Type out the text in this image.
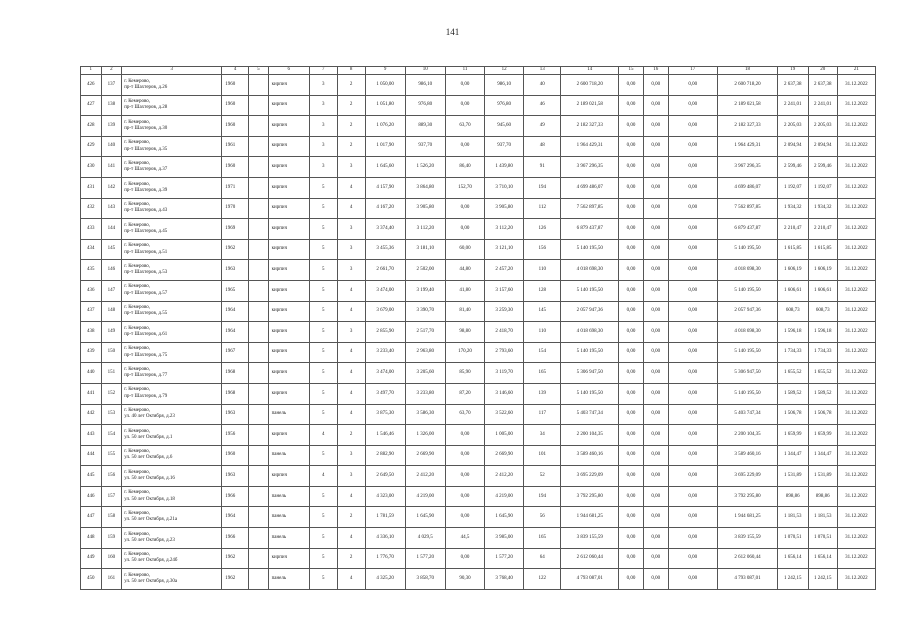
141
1	2	3	4	5	6	7	8	9	10	11	12	13	14	15	16	17	18	19	20	21
426	137	г. Кемерово,
пр-т Шахтеров, д.26	1960		кирпич	3	2	1 050,00	986,10	0,00	986,10	40	2 600 718,20	0,00	0,00	0,00	2 600 718,20	2 637,38	2 637,38	31.12.2022
427	138	г. Кемерово,
пр-т Шахтеров, д.28	1960		кирпич	3	2	1 051,80	976,80	0,00	976,80	46	2 189 021,58	0,00	0,00	0,00	2 189 021,58	2 241,01	2 241,01	31.12.2022
428	139	г. Кемерово,
пр-т Шахтеров, д.30	1960		кирпич	3	2	1 076,20	889,30	63,70	945,60	49	2 182 327,33	0,00	0,00	0,00	2 182 327,33	2 205,03	2 205,03	31.12.2022
429	140	г. Кемерово,
пр-т Шахтеров, д.35	1961		кирпич	3	2	1 017,90	937,70	0,00	937,70	48	1 964 429,31	0,00	0,00	0,00	1 964 429,31	2 094,94	2 094,94	31.12.2022
430	141	г. Кемерово,
пр-т Шахтеров, д.37	1960		кирпич	3	3	1 645,60	1 526,20	86,40	1 439,80	91	3 967 296,35	0,00	0,00	0,00	3 967 296,35	2 599,46	2 599,46	31.12.2022
431	142	г. Кемерово,
пр-т Шахтеров, д.39	1971		кирпич	5	4	4 157,90	3 864,80	152,70	3 710,10	194	4 699 486,07	0,00	0,00	0,00	4 699 486,07	1 192,07	1 192,07	31.12.2022
432	143	г. Кемерово,
пр-т Шахтеров, д.43	1970		кирпич	5	4	4 167,20	3 905,80	0,00	3 905,80	112	7 562 897,85	0,00	0,00	0,00	7 562 897,85	1 934,32	1 934,32	31.12.2022
433	144	г. Кемерово,
пр-т Шахтеров, д.45	1969		кирпич	5	3	3 374,40	3 112,20	0,00	3 112,20	126	6 879 437,87	0,00	0,00	0,00	6 879 437,87	2 210,47	2 210,47	31.12.2022
434	145	г. Кемерово,
пр-т Шахтеров, д.51	1962		кирпич	5	3	3 455,36	3 181,10	60,00	3 121,10	156	5 140 195,50	0,00	0,00	0,00	5 140 195,50	1 615,85	1 615,85	31.12.2022
435	146	г. Кемерово,
пр-т Шахтеров, д.53	1963		кирпич	5	3	2 661,70	2 502,00	44,80	2 457,20	110	4 018 698,30	0,00	0,00	0,00	4 018 698,30	1 606,19	1 606,19	31.12.2022
436	147	г. Кемерово,
пр-т Шахтеров, д.57	1965		кирпич	5	4	3 474,00	3 199,40	41,80	3 157,60	128	5 140 195,50	0,00	0,00	0,00	5 140 195,50	1 606,61	1 606,61	31.12.2022
437	148	г. Кемерово,
пр-т Шахтеров, д.55	1964		кирпич	5	4	3 679,00	3 390,70	81,40	3 259,30	145	2 057 947,36	0,00	0,00	0,00	2 057 947,36	608,73	608,73	31.12.2022
438	149	г. Кемерово,
пр-т Шахтеров, д.61	1964		кирпич	5	3	2 855,90	2 517,70	98,80	2 418,70	110	4 018 698,30	0,00	0,00	0,00	4 018 698,30	1 596,18	1 596,18	31.12.2022
439	150	г. Кемерово,
пр-т Шахтеров, д.75	1967		кирпич	5	4	3 233,40	2 963,80	170,20	2 793,60	154	5 140 195,50	0,00	0,00	0,00	5 140 195,50	1 734,33	1 734,33	31.12.2022
440	151	г. Кемерово,
пр-т Шахтеров, д.77	1968		кирпич	5	4	3 474,00	3 205,60	85,90	3 119,70	165	5 306 947,50	0,00	0,00	0,00	5 306 947,50	1 655,52	1 655,52	31.12.2022
441	152	г. Кемерово,
пр-т Шахтеров, д.79	1968		кирпич	5	4	3 497,70	3 233,80	87,20	3 146,60	139	5 140 195,50	0,00	0,00	0,00	5 140 195,50	1 589,52	1 589,52	31.12.2022
442	153	г. Кемерово,
ул. 40 лет Октября, д.23	1963		панель	5	4	3 875,30	3 586,30	63,70	3 522,60	117	5 403 747,34	0,00	0,00	0,00	5 403 747,34	1 506,78	1 506,78	31.12.2022
443	154	г. Кемерово,
ул. 50 лет Октября, д.1	1956		кирпич	4	2	1 546,46	1 326,00	0,00	1 005,00	34	2 200 104,35	0,00	0,00	0,00	2 200 104,35	1 659,99	1 659,99	31.12.2022
444	155	г. Кемерово,
ул. 50 лет Октября, д.6	1960		панель	5	3	2 882,90	2 669,90	0,00	2 669,90	101	3 589 460,16	0,00	0,00	0,00	3 589 460,16	1 344,47	1 344,47	31.12.2022
445	156	г. Кемерово,
ул. 50 лет Октября, д.16	1963		кирпич	4	3	2 649,50	2 412,20	0,00	2 412,20	52	3 695 229,09	0,00	0,00	0,00	3 695 229,09	1 531,89	1 531,89	31.12.2022
446	157	г. Кемерово,
ул. 50 лет Октября, д.18	1966		панель	5	4	4 323,00	4 219,00	0,00	4 219,00	194	3 792 295,80	0,00	0,00	0,00	3 792 295,80	898,86	898,86	31.12.2022
447	158	г. Кемерово,
ул. 50 лет Октября, д.21а	1964		панель	5	2	1 781,59	1 645,90	0,00	1 645,90	56	1 944 681,25	0,00	0,00	0,00	1 944 681,25	1 181,53	1 181,53	31.12.2022
448	159	г. Кемерово,
ул. 50 лет Октября, д.23	1966		панель	5	4	4 336,10	4 029,5	44,5	3 985,00	165	3 839 155,59	0,00	0,00	0,00	3 839 155,59	1 070,51	1 070,51	31.12.2022
449	160	г. Кемерово,
ул. 50 лет Октября, д.24б	1962		кирпич	5	2	1 776,70	1 577,20	0,00	1 577,20	64	2 612 060,44	0,00	0,00	0,00	2 612 060,44	1 656,14	1 656,14	31.12.2022
450	161	г. Кемерово,
ул. 50 лет Октября, д.30а	1962		панель	5	4	4 325,20	3 858,70	90,30	3 768,40	122	4 793 087,01	0,00	0,00	0,00	4 793 087,01	1 242,15	1 242,15	31.12.2022
